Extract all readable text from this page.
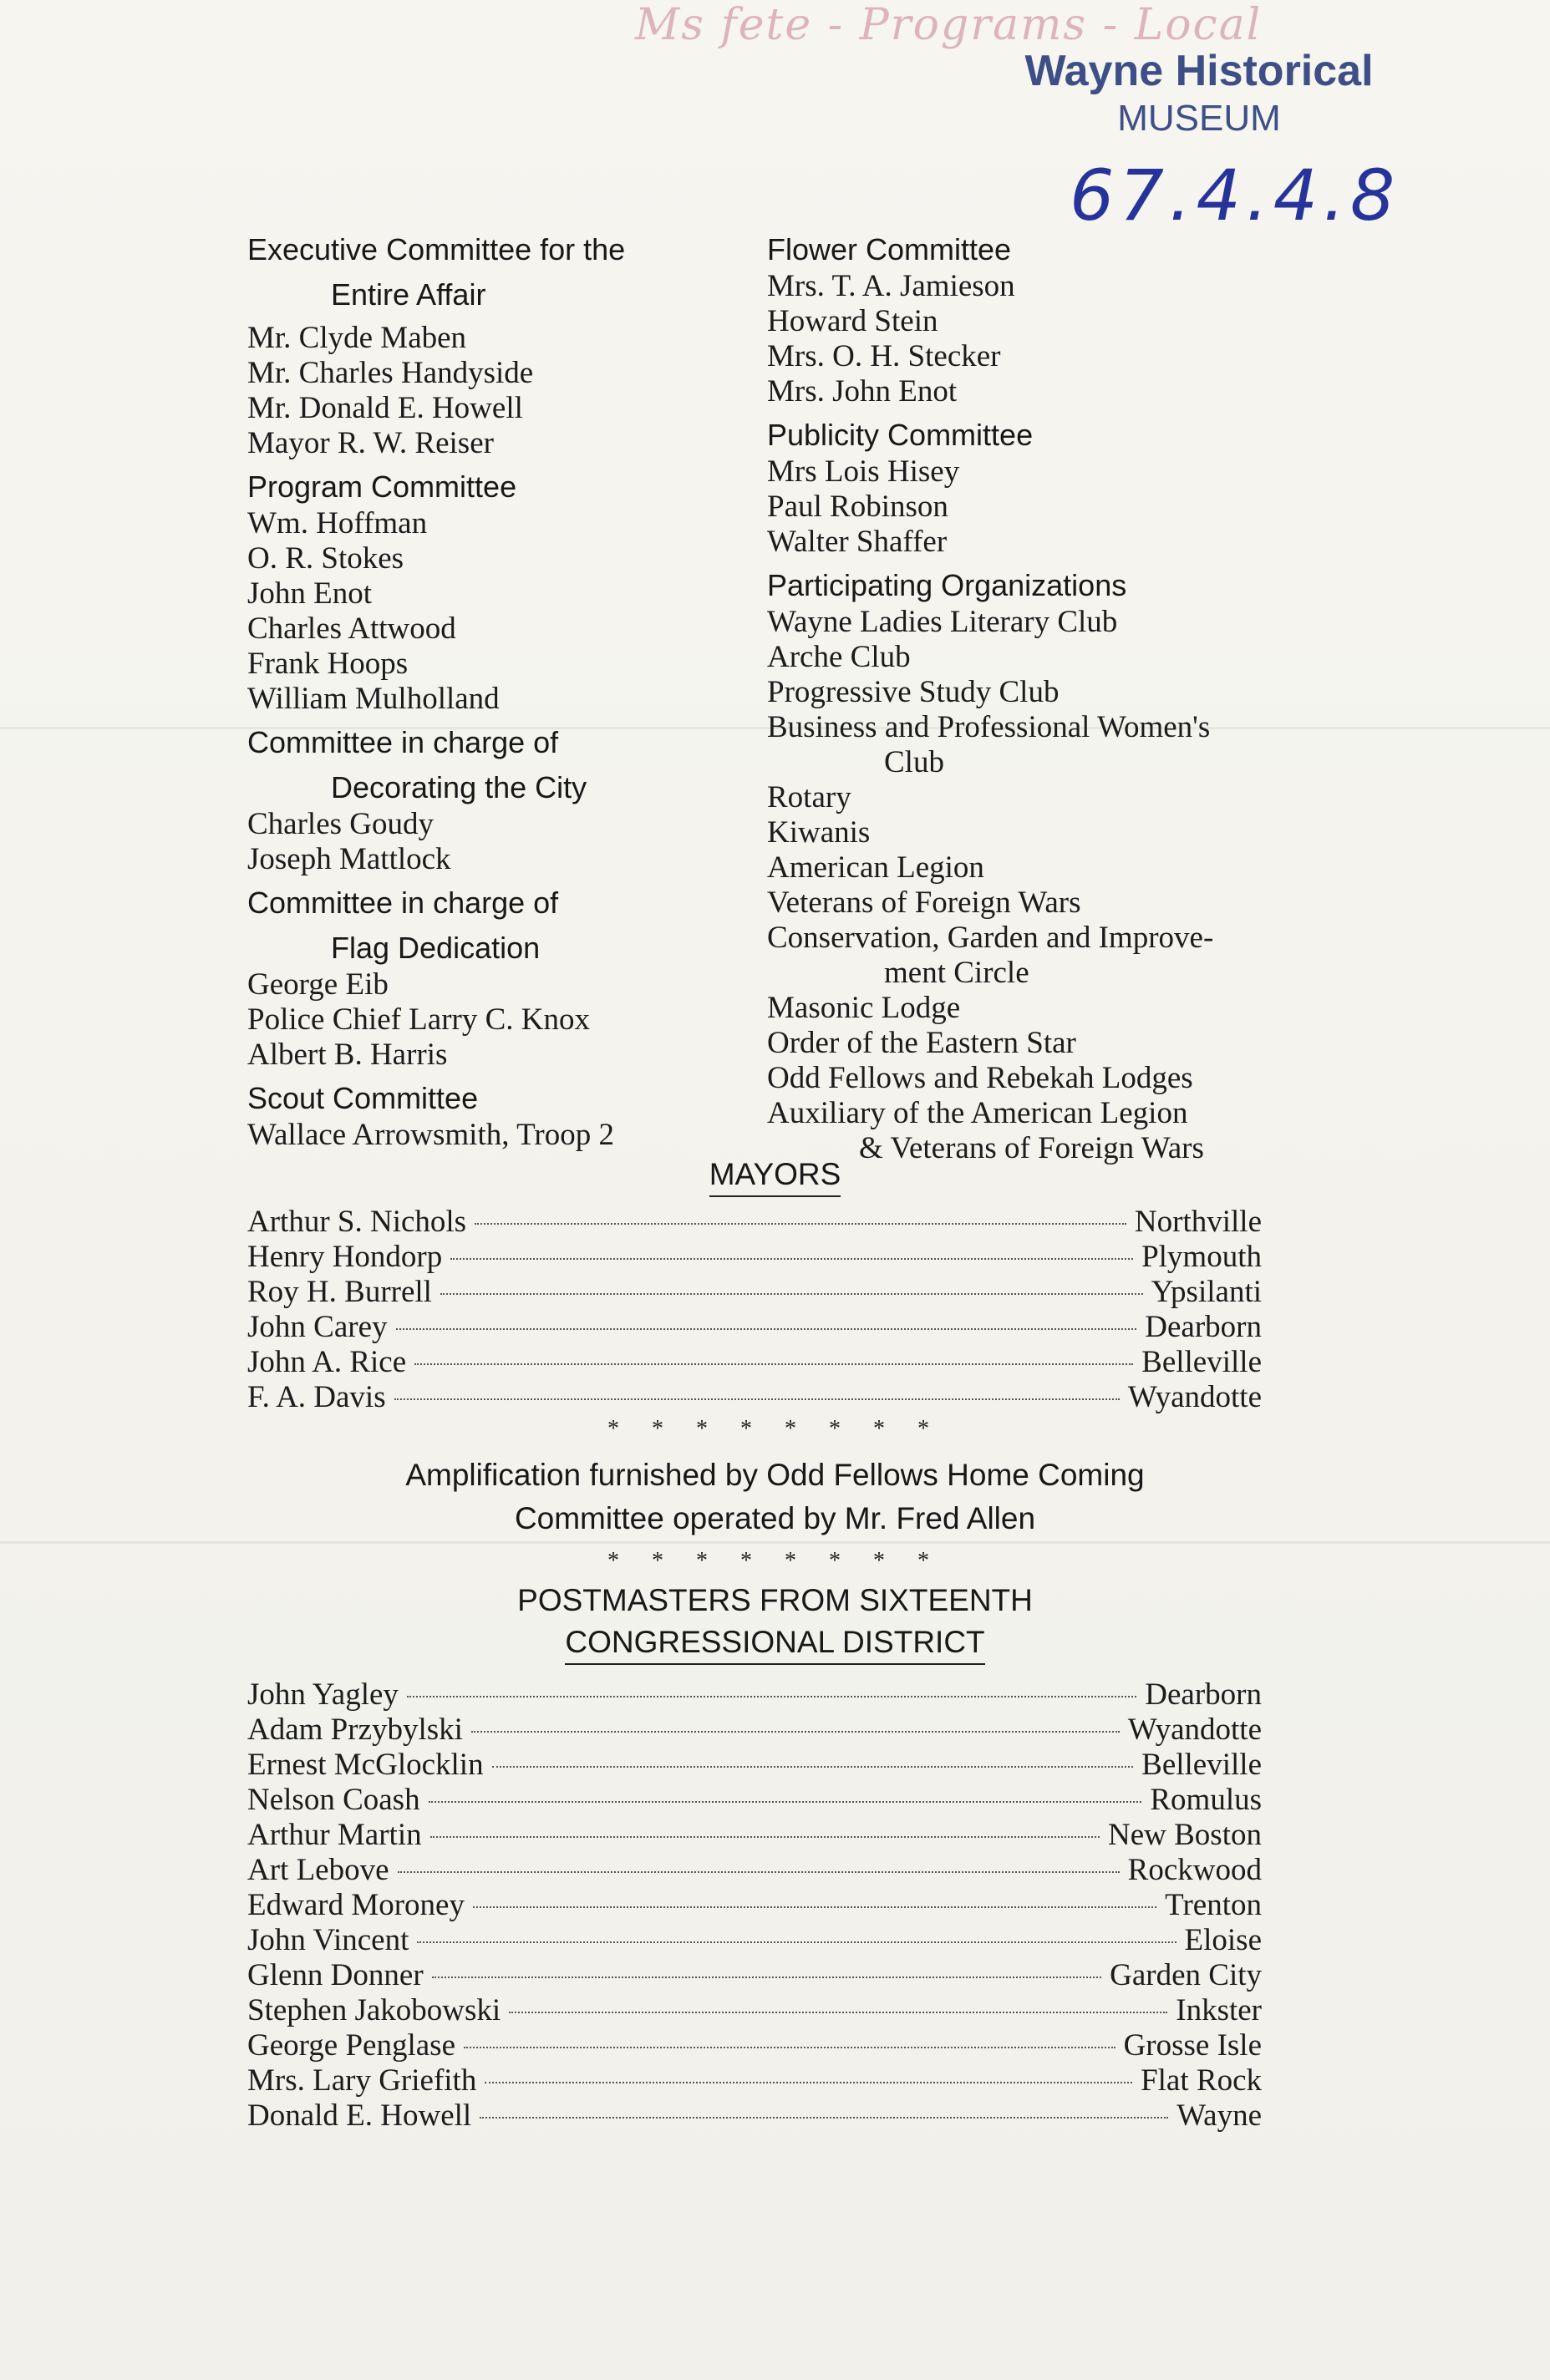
Ms fete - Programs - Local
Wayne Historical
MUSEUM
67.4.4.8
Executive Committee for the
Entire Affair
Mr. Clyde Maben
Mr. Charles Handyside
Mr. Donald E. Howell
Mayor R. W. Reiser
Program Committee
Wm. Hoffman
O. R. Stokes
John Enot
Charles Attwood
Frank Hoops
William Mulholland
Committee in charge of
Decorating the City
Charles Goudy
Joseph Mattlock
Committee in charge of
Flag Dedication
George Eib
Police Chief Larry C. Knox
Albert B. Harris
Scout Committee
Wallace Arrowsmith, Troop 2
Flower Committee
Mrs. T. A. Jamieson
Howard Stein
Mrs. O. H. Stecker
Mrs. John Enot
Publicity Committee
Mrs Lois Hisey
Paul Robinson
Walter Shaffer
Participating Organizations
Wayne Ladies Literary Club
Arche Club
Progressive Study Club
Business and Professional Women's
Club
Rotary
Kiwanis
American Legion
Veterans of Foreign Wars
Conservation, Garden and Improve-
ment Circle
Masonic Lodge
Order of the Eastern Star
Odd Fellows and Rebekah Lodges
Auxiliary of the American Legion
& Veterans of Foreign Wars
MAYORS
Arthur S. Nichols	Northville
Henry Hondorp	Plymouth
Roy H. Burrell	Ypsilanti
John Carey	Dearborn
John A. Rice	Belleville
F. A. Davis	Wyandotte
* * * * * * * *
Amplification furnished by Odd Fellows Home Coming
Committee operated by Mr. Fred Allen
* * * * * * * *
POSTMASTERS FROM SIXTEENTH
CONGRESSIONAL DISTRICT
John Yagley	Dearborn
Adam Przybylski	Wyandotte
Ernest McGlocklin	Belleville
Nelson Coash	Romulus
Arthur Martin	New Boston
Art Lebove	Rockwood
Edward Moroney	Trenton
John Vincent	Eloise
Glenn Donner	Garden City
Stephen Jakobowski	Inkster
George Penglase	Grosse Isle
Mrs. Lary Griefith	Flat Rock
Donald E. Howell	Wayne
